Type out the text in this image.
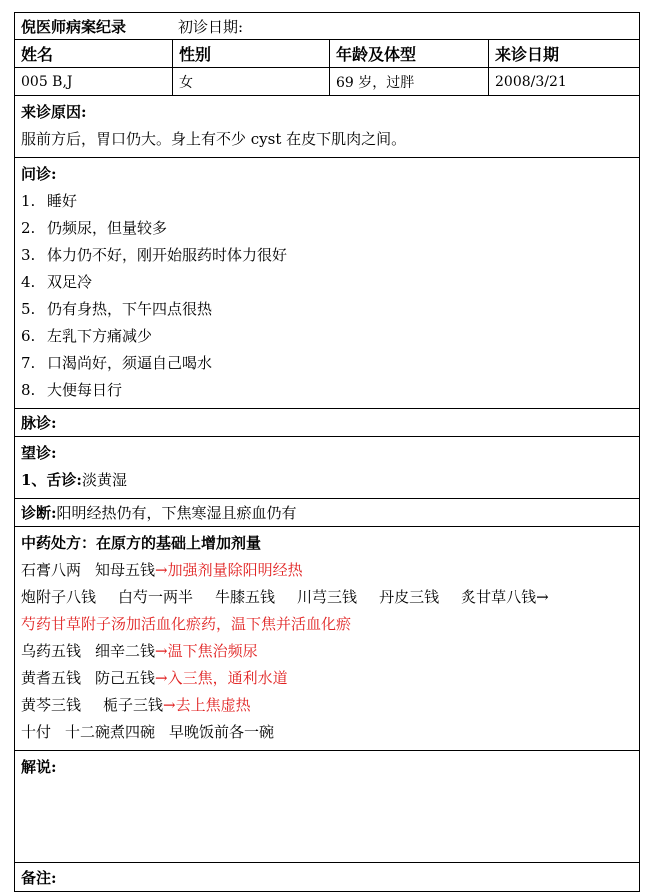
倪医师病案纪录	初诊日期:
姓名	性别	年龄及体型	来诊日期
005 B,J	女	69 岁，过胖	2008/3/21
来诊原因:
服前方后，胃口仍大。身上有不少 cyst 在皮下肌肉之间。
问诊:
1. 睡好
2. 仍频尿，但量较多
3. 体力仍不好，刚开始服药时体力很好
4. 双足冷
5. 仍有身热，下午四点很热
6. 左乳下方痛减少
7. 口渴尚好，须逼自己喝水
8. 大便每日行
脉诊:
望诊:
1、舌诊:淡黄湿
诊断: 阳明经热仍有，下焦寒湿且瘀血仍有
中药处方：在原方的基础上增加剂量
石膏八两 知母五钱→加强剂量除阳明经热
炮附子八钱 白芍一两半 牛膝五钱 川芎三钱 丹皮三钱 炙甘草八钱→
芍药甘草附子汤加活血化瘀药，温下焦并活血化瘀
乌药五钱 细辛二钱→温下焦治频尿
黄耆五钱 防己五钱→入三焦，通利水道
黄芩三钱 栀子三钱→去上焦虚热
十付 十二碗煮四碗 早晚饭前各一碗
解说:
备注:
